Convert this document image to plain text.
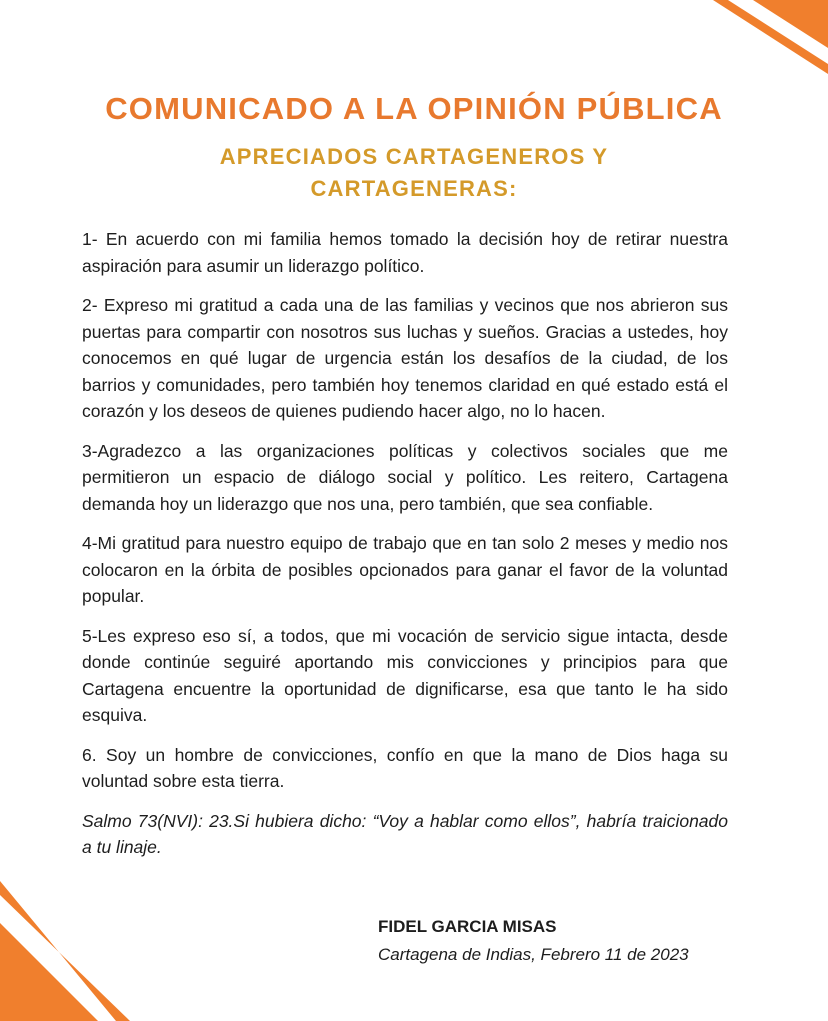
COMUNICADO A LA OPINIÓN PÚBLICA
APRECIADOS CARTAGENEROS Y
CARTAGENERAS:

1- En acuerdo con mi familia hemos tomado la decisión hoy de retirar nuestra aspiración para asumir un liderazgo político.

2- Expreso mi gratitud a cada una de las familias y vecinos que nos abrieron sus puertas para compartir con nosotros sus luchas y sueños. Gracias a ustedes, hoy conocemos en qué lugar de urgencia están los desafíos de la ciudad, de los barrios y comunidades, pero también hoy tenemos claridad en qué estado está el corazón y los deseos de quienes pudiendo hacer algo, no lo hacen.

3-Agradezco a las organizaciones políticas y colectivos sociales que me permitieron un espacio de diálogo social y político. Les reitero, Cartagena demanda hoy un liderazgo que nos una, pero también, que sea confiable.

4-Mi gratitud para nuestro equipo de trabajo que en tan solo 2 meses y medio nos colocaron en la órbita de posibles opcionados para ganar el favor de la voluntad popular.

5-Les expreso eso sí, a todos, que mi vocación de servicio sigue intacta, desde donde continúe seguiré aportando mis convicciones y principios para que Cartagena encuentre la oportunidad de dignificarse, esa que tanto le ha sido esquiva.

6. Soy un hombre de convicciones, confío en que la mano de Dios haga su voluntad sobre esta tierra.

Salmo 73(NVI): 23.Si hubiera dicho: “Voy a hablar como ellos”, habría traicionado a tu linaje.

FIDEL GARCIA MISAS
Cartagena de Indias, Febrero 11 de 2023
